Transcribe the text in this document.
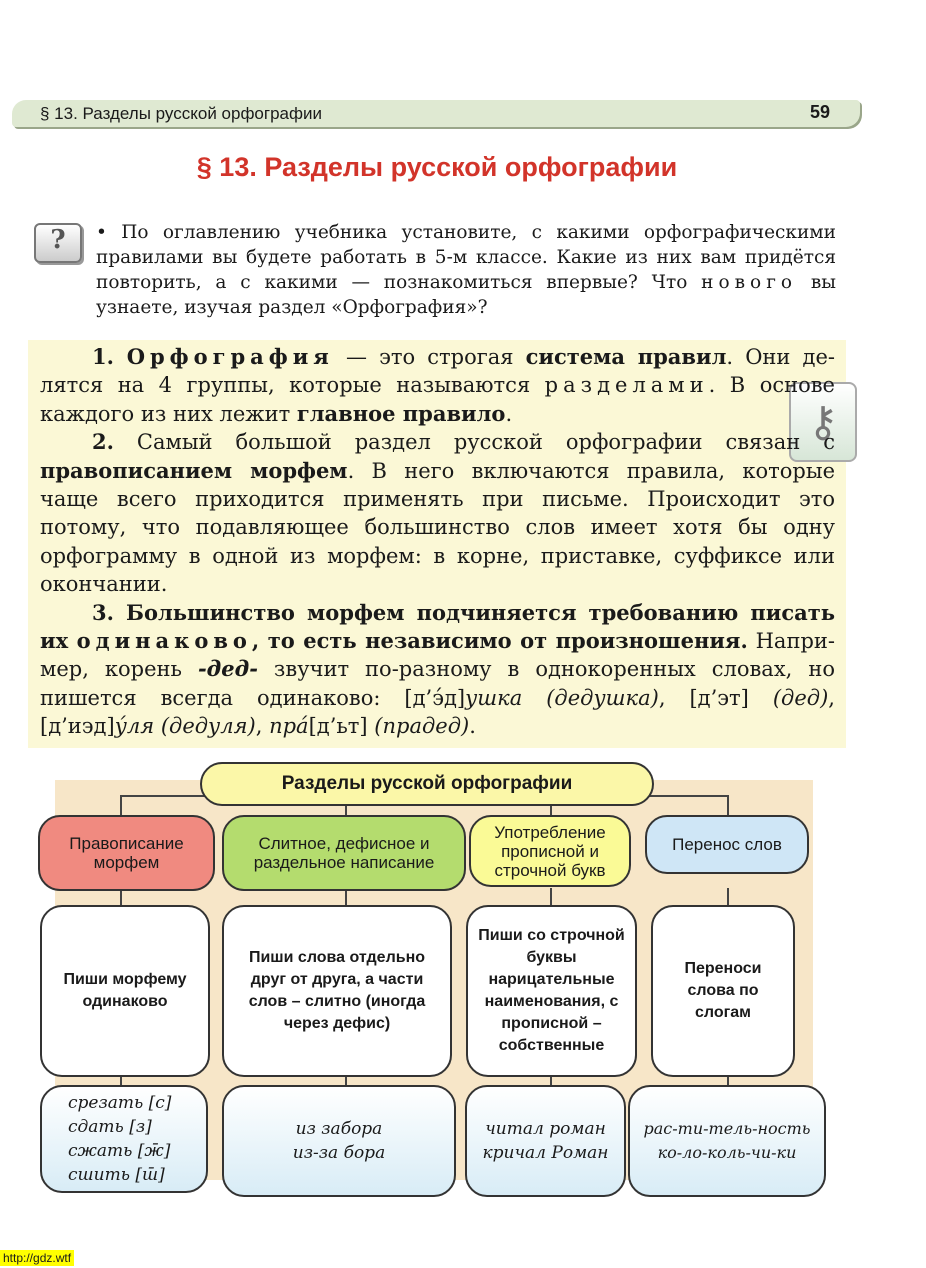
§ 13. Разделы русской орфографии	59
§ 13. Разделы русской орфографии
?	• По оглавлению учебника установите, с какими орфографическими правилами вы будете работать в 5-м классе. Какие из них вам придётся повторить, а с какими — познакомиться впервые? Что нового вы узнаете, изучая раздел «Орфография»?
⚷

1. Орфография — это строгая система правил. Они делятся на 4 группы, которые называются разделами. В основе каждого из них лежит главное правило.

2. Самый большой раздел русской орфографии связан с правописанием морфем. В него включаются правила, которые чаще всего приходится применять при письме. Происходит это потому, что подавляющее большинство слов имеет хотя бы одну орфограмму в одной из морфем: в корне, приставке, суффиксе или окончании.

3. Большинство морфем подчиняется требованию писать их одинаково, то есть независимо от произношения. Например, корень -дед- звучит по-разному в однокоренных словах, но пишется всегда одинаково: [д’э́д]ушка (дедушка), [д’эт] (дед), [д’иэд]у́ля (дедуля), пра́[д’ьт] (прадед).

Разделы русской орфографии
Правописание морфем
Слитное, дефисное и раздельное написание
Употребление прописной и строчной букв
Перенос слов
Пиши морфему одинаково
Пиши слова отдельно друг от друга, а части слов – слитно (иногда через дефис)
Пиши со строчной буквы нарицательные наименования, с прописной – собственные
Переноси слова по слогам
срезать [с]
сдать [з]
сжать [ж̄]
сшить [ш̄]
из забора
из-за бора
читал роман
кричал Роман
рас-ти-тель-ность
ко-ло-коль-чи-ки
http://gdz.wtf
